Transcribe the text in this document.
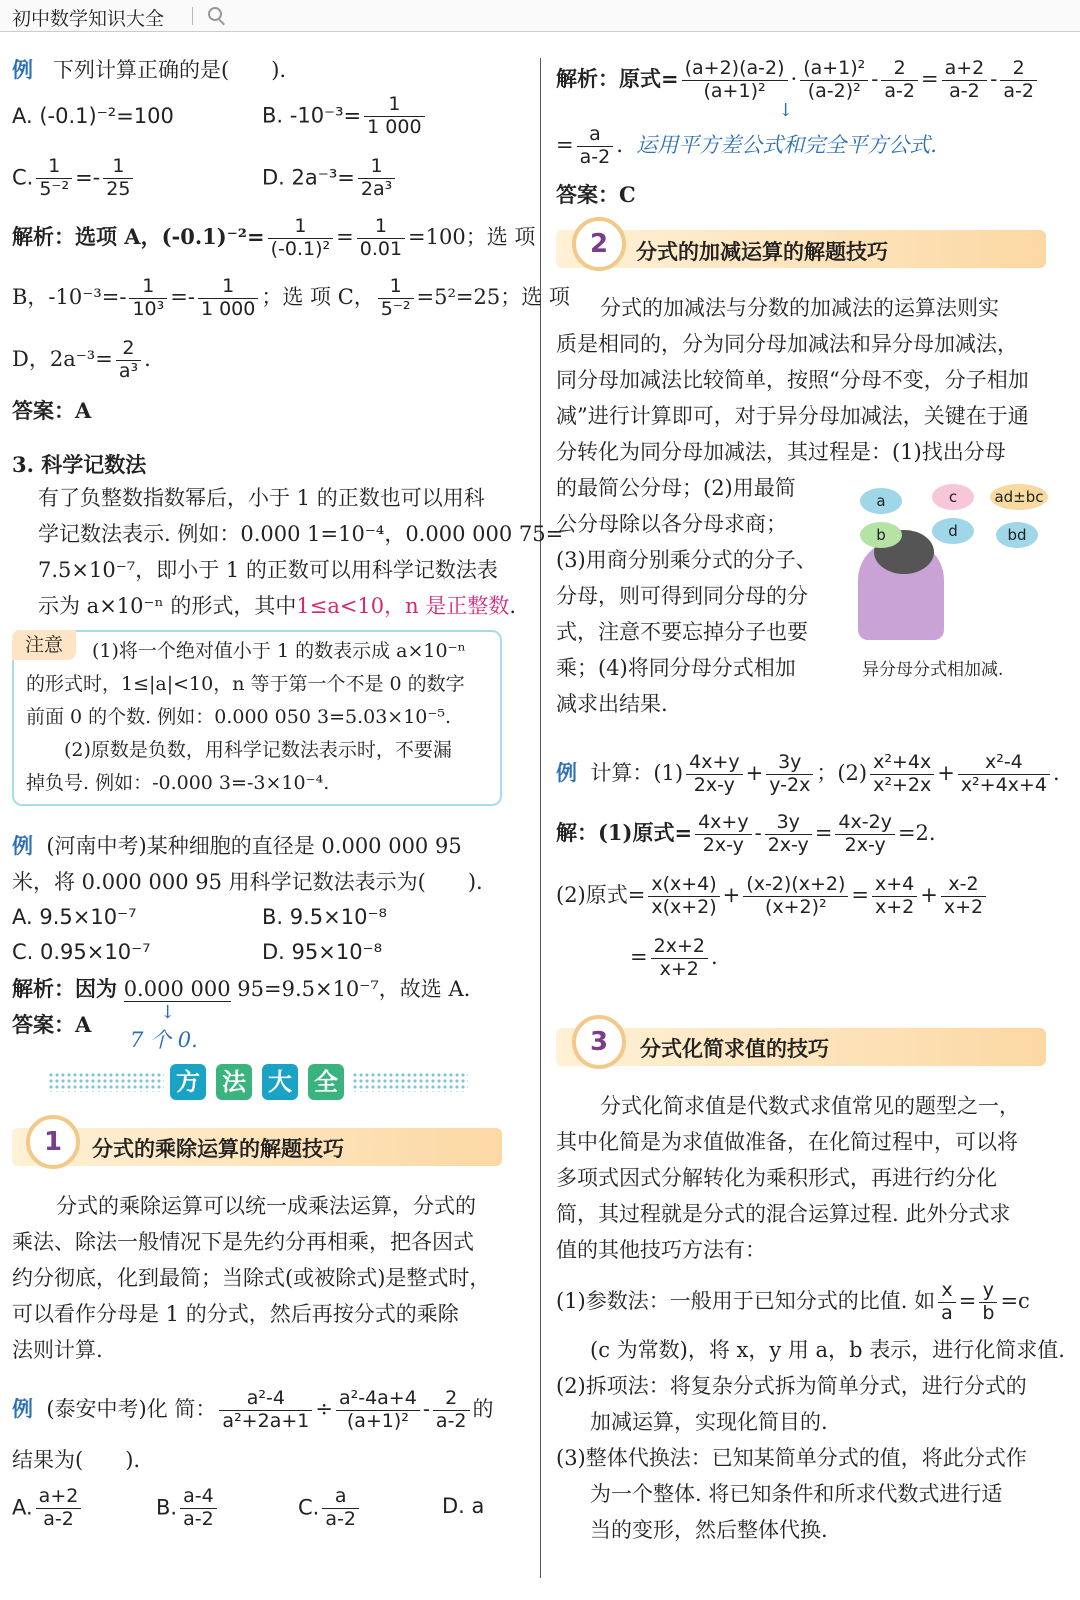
初中数学知识大全
例 下列计算正确的是(　　).
A. (-0.1)⁻²=100	B. $-10^{-3}= \frac{1}{1 000}$
C. $\frac{1}{\text{5⁻²}} =- \frac{1}{25}$	D. $2a^{-3}= \frac{1}{\text{2a³}}$
解析：选项 A，$(-0.1)^{-2}= \frac{1}{\text{(-0.1)²}} = \frac{1}{0.01} =100$；选 项
B，$-10^{-3}=- \frac{1}{\text{10³}} =- \frac{1}{1 000}$ ；选 项 C， $\frac{1}{\text{5⁻²}} =5^2=25$；选 项
D，$2a^{-3}= \frac{2}{\text{a³}}$ .
答案：A
3. 科学记数法
有了负整数指数幂后，小于 1 的正数也可以用科
学记数法表示. 例如：0.000 1=10⁻⁴，0.000 000 75=
7.5×10⁻⁷，即小于 1 的正数可以用科学记数法表
示为 a×10⁻ⁿ 的形式，其中1≤a<10，n 是正整数.
注意	(1)将一个绝对值小于 1 的数表示成 a×10⁻ⁿ
的形式时，1≤|a|<10，n 等于第一个不是 0 的数字
前面 0 的个数. 例如：0.000 050 3=5.03×10⁻⁵.
(2)原数是负数，用科学记数法表示时，不要漏
掉负号. 例如：-0.000 3=-3×10⁻⁴.
例 (河南中考)某种细胞的直径是 0.000 000 95
米，将 0.000 000 95 用科学记数法表示为(　　).
A. 9.5×10⁻⁷	B. 9.5×10⁻⁸
C. 0.95×10⁻⁷	D. 95×10⁻⁸
解析：因为 0.000 000 95=9.5×10⁻⁷，故选 A.
↓
答案：A
7 个 0.
方 法 大 全
1	分式的乘除运算的解题技巧
分式的乘除运算可以统一成乘法运算，分式的
乘法、除法一般情况下是先约分再相乘，把各因式
约分彻底，化到最简；当除式(或被除式)是整式时，
可以看作分母是 1 的分式，然后再按分式的乘除
法则计算.
例 (泰安中考)化 简： $\frac{\text{a²-4}}{\text{a²+2a+1}} \div \frac{\text{a²-4a+4}}{\text{(a+1)²}} - \frac{2}{a-2}$ 的
结果为(　　).
A. $\frac{a+2}{a-2}$	B. $\frac{a-4}{a-2}$	C. $\frac{a}{a-2}$	D. a
解析：原式= $\frac{(a+2)(a-2)}{\text{(a+1)²}} \cdot \frac{\text{(a+1)²}}{\text{(a-2)²}} - \frac{2}{a-2} = \frac{a+2}{a-2} - \frac{2}{a-2}$
↓
= $\frac{a}{a-2}$ . 运用平方差公式和完全平方公式.
答案：C
2	分式的加减运算的解题技巧
分式的加减法与分数的加减法的运算法则实
质是相同的，分为同分母加减法和异分母加减法，
同分母加减法比较简单，按照“分母不变，分子相加
减”进行计算即可，对于异分母加减法，关键在于通
分转化为同分母加减法，其过程是：(1)找出分母
的最简公分母；(2)用最简
公分母除以各分母求商；
(3)用商分别乘分式的分子、
分母，则可得到同分母的分
式，注意不要忘掉分子也要
乘；(4)将同分母分式相加
减求出结果.
a
b
c
d
ad±bc
bd
异分母分式相加减.
例 计算：$(1) \frac{4x+y}{2x-y} + \frac{3y}{y-2x}$ ；$(2) \frac{\text{x²+4x}}{\text{x²+2x}} + \frac{\text{x²-4}}{\text{x²+4x+4}}$ .
解：(1)原式= $\frac{4x+y}{2x-y} - \frac{3y}{2x-y} = \frac{4x-2y}{2x-y} =2$.
(2)原式= $\frac{x(x+4)}{x(x+2)} + \frac{(x-2)(x+2)}{\text{(x+2)²}} = \frac{x+4}{x+2} + \frac{x-2}{x+2}$
= $\frac{2x+2}{x+2}$ .
3	分式化简求值的技巧
分式化简求值是代数式求值常见的题型之一，
其中化简是为求值做准备，在化简过程中，可以将
多项式因式分解转化为乘积形式，再进行约分化
简，其过程就是分式的混合运算过程. 此外分式求
值的其他技巧方法有：
(1)参数法：一般用于已知分式的比值. 如 $\frac{x}{a} = \frac{y}{b} =c$
(c 为常数)，将 x，y 用 a，b 表示，进行化简求值.
(2)拆项法：将复杂分式拆为简单分式，进行分式的
加减运算，实现化简目的.
(3)整体代换法：已知某简单分式的值，将此分式作
为一个整体. 将已知条件和所求代数式进行适
当的变形，然后整体代换.
